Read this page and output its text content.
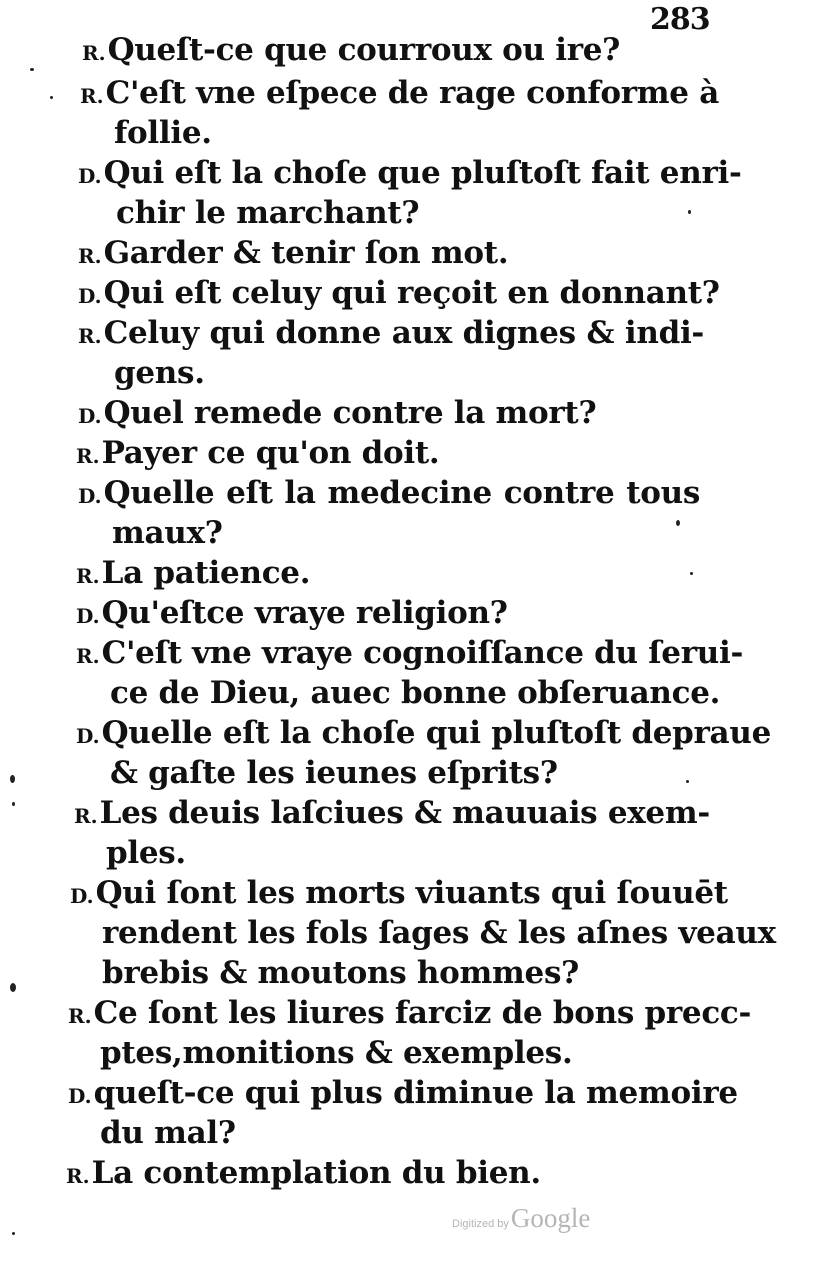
283
R.Queſt-ce que courroux ou ire?
R.C'eſt vne eſpece de rage conforme à
follie.
D.Qui eſt la choſe que pluſtoſt fait enri-
chir le marchant?
R.Garder & tenir ſon mot.
D.Qui eſt celuy qui reçoit en donnant?
R.Celuy qui donne aux dignes & indi-
gens.
D.Quel remede contre la mort?
R.Payer ce qu'on doit.
D.Quelle eſt la medecine contre tous
maux?
R.La patience.
D.Qu'eſtce vraye religion?
R.C'eſt vne vraye cognoiſſance du ſerui-
ce de Dieu, auec bonne obſeruance.
D.Quelle eſt la choſe qui pluſtoſt depraue
& gaſte les ieunes eſprits?
R.Les deuis laſciues & mauuais exem-
ples.
D.Qui ſont les morts viuants qui ſouuēt
rendent les fols ſages & les aſnes veaux
brebis & moutons hommes?
R.Ce ſont les liures farciz de bons precc-
ptes,monitions & exemples.
D.queſt-ce qui plus diminue la memoire
du mal?
R.La contemplation du bien.
Digitized byGoogle
